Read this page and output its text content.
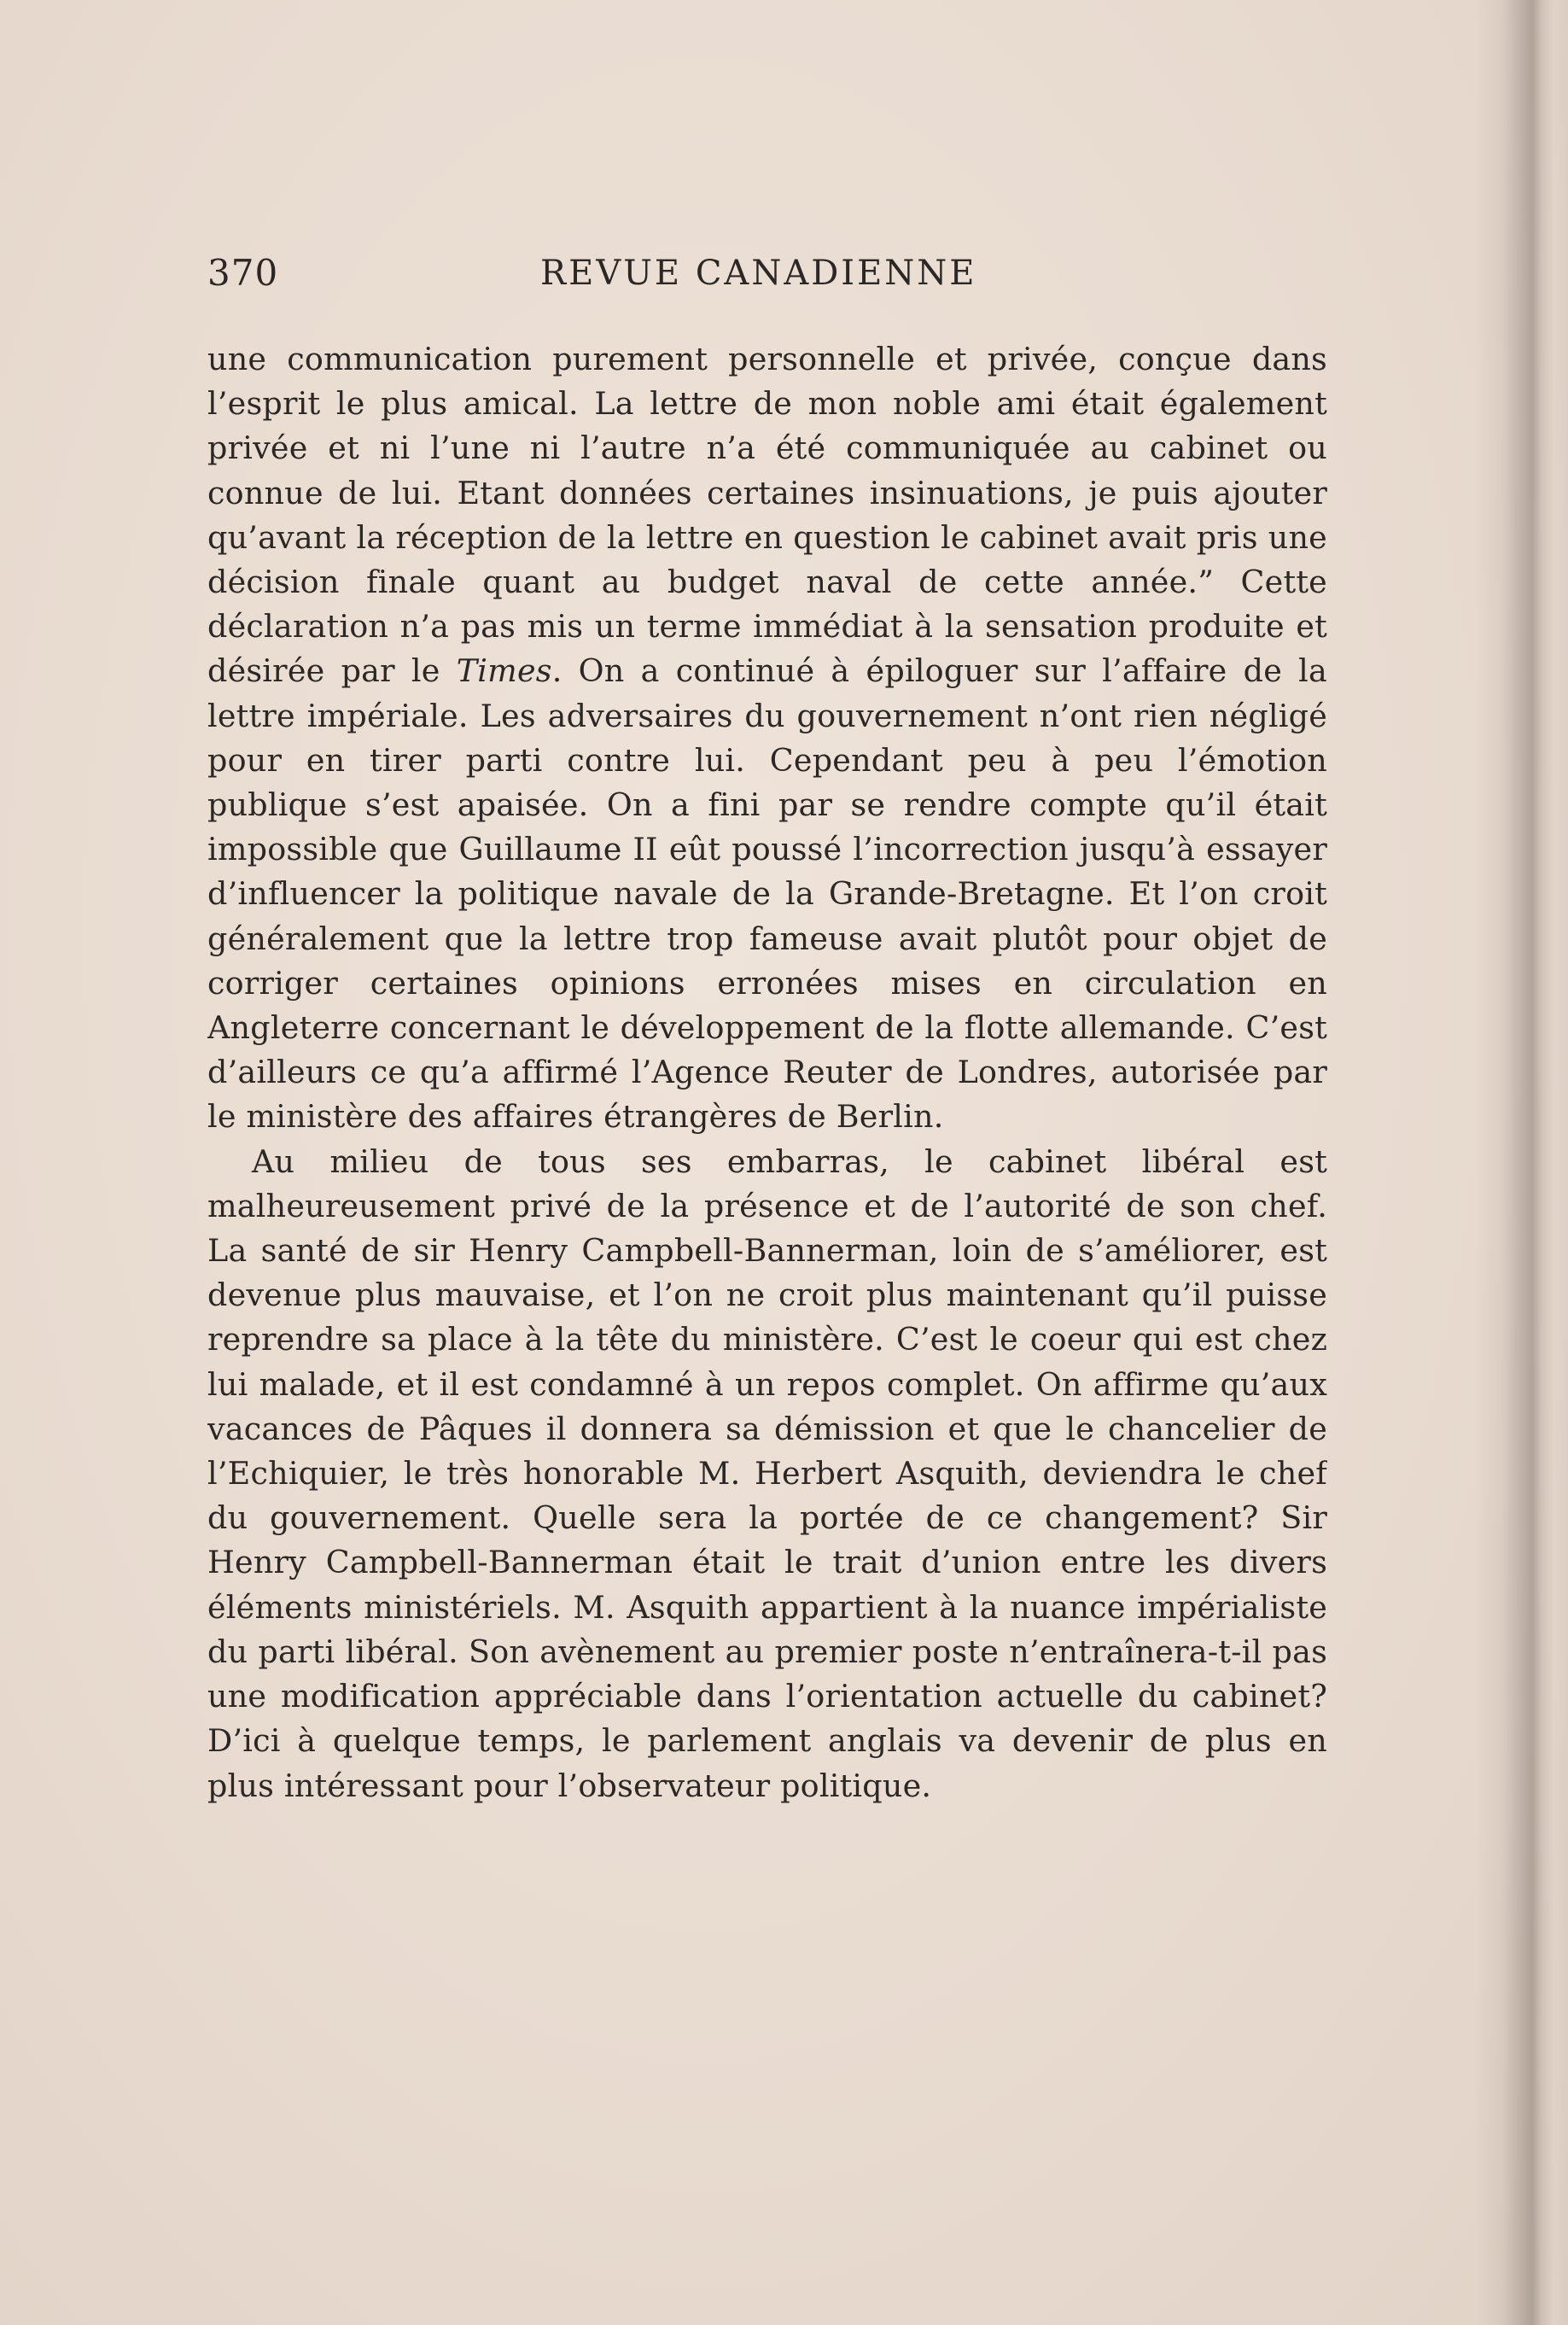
370	REVUE CANADIENNE

une communication purement personnelle et privée, conçue dans l’esprit le plus amical. La lettre de mon noble ami était également privée et ni l’une ni l’autre n’a été communiquée au cabinet ou connue de lui. Etant données certaines insinuations, je puis ajouter qu’avant la réception de la lettre en question le cabinet avait pris une décision finale quant au budget naval de cette année.” Cette déclaration n’a pas mis un terme immédiat à la sensation produite et désirée par le Times. On a continué à épiloguer sur l’affaire de la lettre impériale. Les adversaires du gouvernement n’ont rien négligé pour en tirer parti contre lui. Cependant peu à peu l’émotion publique s’est apaisée. On a fini par se rendre compte qu’il était impossible que Guillaume II eût poussé l’incorrection jusqu’à essayer d’influencer la politique navale de la Grande-Bretagne. Et l’on croit généralement que la lettre trop fameuse avait plutôt pour objet de corriger certaines opinions erronées mises en circulation en Angleterre concernant le développement de la flotte allemande. C’est d’ailleurs ce qu’a affirmé l’Agence Reuter de Londres, autorisée par le ministère des affaires étrangères de Berlin.

Au milieu de tous ses embarras, le cabinet libéral est malheureusement privé de la présence et de l’autorité de son chef. La santé de sir Henry Campbell-Bannerman, loin de s’améliorer, est devenue plus mauvaise, et l’on ne croit plus maintenant qu’il puisse reprendre sa place à la tête du ministère. C’est le coeur qui est chez lui malade, et il est condamné à un repos complet. On affirme qu’aux vacances de Pâques il donnera sa démission et que le chancelier de l’Echiquier, le très honorable M. Herbert Asquith, deviendra le chef du gouvernement. Quelle sera la portée de ce changement? Sir Henry Campbell-Bannerman était le trait d’union entre les divers éléments ministériels. M. Asquith appartient à la nuance impérialiste du parti libéral. Son avènement au premier poste n’entraînera-t-il pas une modification appréciable dans l’orientation actuelle du cabinet? D’ici à quelque temps, le parlement anglais va devenir de plus en plus intéressant pour l’observateur politique.
